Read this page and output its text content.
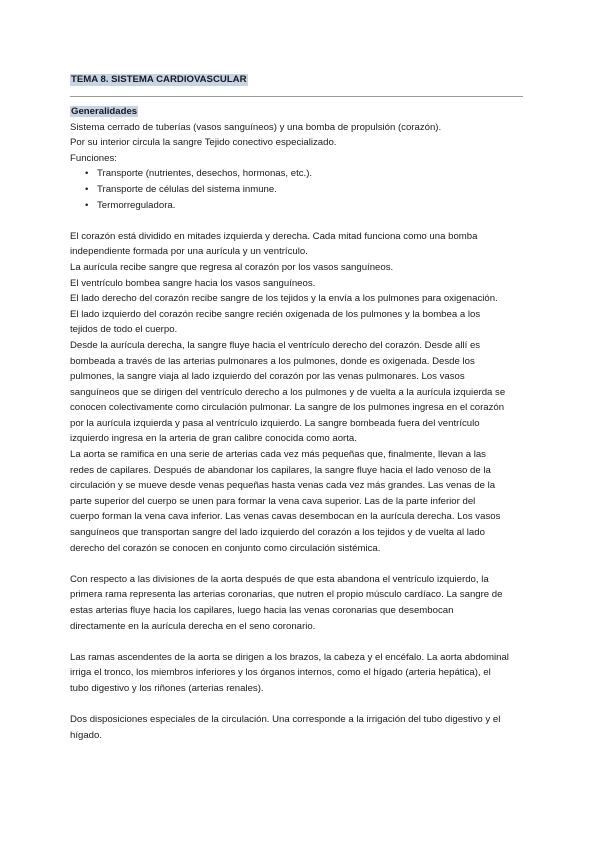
TEMA 8. SISTEMA CARDIOVASCULAR

Generalidades

Sistema cerrado de tuberías (vasos sanguíneos) y una bomba de propulsión (corazón).

Por su interior circula la sangre Tejido conectivo especializado.

Funciones:

• Transporte (nutrientes, desechos, hormonas, etc.).
• Transporte de células del sistema inmune.
• Termorreguladora.

El corazón está dividido en mitades izquierda y derecha. Cada mitad funciona como una bomba

independiente formada por una aurícula y un ventrículo.

La aurícula recibe sangre que regresa al corazón por los vasos sanguíneos.

El ventrículo bombea sangre hacia los vasos sanguíneos.

El lado derecho del corazón recibe sangre de los tejidos y la envía a los pulmones para oxigenación.

El lado izquierdo del corazón recibe sangre recién oxigenada de los pulmones y la bombea a los

tejidos de todo el cuerpo.

Desde la aurícula derecha, la sangre fluye hacia el ventrículo derecho del corazón. Desde allí es

bombeada a través de las arterias pulmonares a los pulmones, donde es oxigenada. Desde los

pulmones, la sangre viaja al lado izquierdo del corazón por las venas pulmonares. Los vasos

sanguíneos que se dirigen del ventrículo derecho a los pulmones y de vuelta a la aurícula izquierda se

conocen colectivamente como circulación pulmonar. La sangre de los pulmones ingresa en el corazón

por la aurícula izquierda y pasa al ventrículo izquierdo. La sangre bombeada fuera del ventrículo

izquierdo ingresa en la arteria de gran calibre conocida como aorta.

La aorta se ramifica en una serie de arterias cada vez más pequeñas que, finalmente, llevan a las

redes de capilares. Después de abandonar los capilares, la sangre fluye hacia el lado venoso de la

circulación y se mueve desde venas pequeñas hasta venas cada vez más grandes. Las venas de la

parte superior del cuerpo se unen para formar la vena cava superior. Las de la parte inferior del

cuerpo forman la vena cava inferior. Las venas cavas desembocan en la aurícula derecha. Los vasos

sanguíneos que transportan sangre del lado izquierdo del corazón a los tejidos y de vuelta al lado

derecho del corazón se conocen en conjunto como circulación sistémica.

Con respecto a las divisiones de la aorta después de que esta abandona el ventrículo izquierdo, la

primera rama representa las arterias coronarias, que nutren el propio músculo cardíaco. La sangre de

estas arterias fluye hacia los capilares, luego hacia las venas coronarias que desembocan

directamente en la aurícula derecha en el seno coronario.

Las ramas ascendentes de la aorta se dirigen a los brazos, la cabeza y el encéfalo. La aorta abdominal

irriga el tronco, los miembros inferiores y los órganos internos, como el hígado (arteria hepática), el

tubo digestivo y los riñones (arterias renales).

Dos disposiciones especiales de la circulación. Una corresponde a la irrigación del tubo digestivo y el

hígado.
